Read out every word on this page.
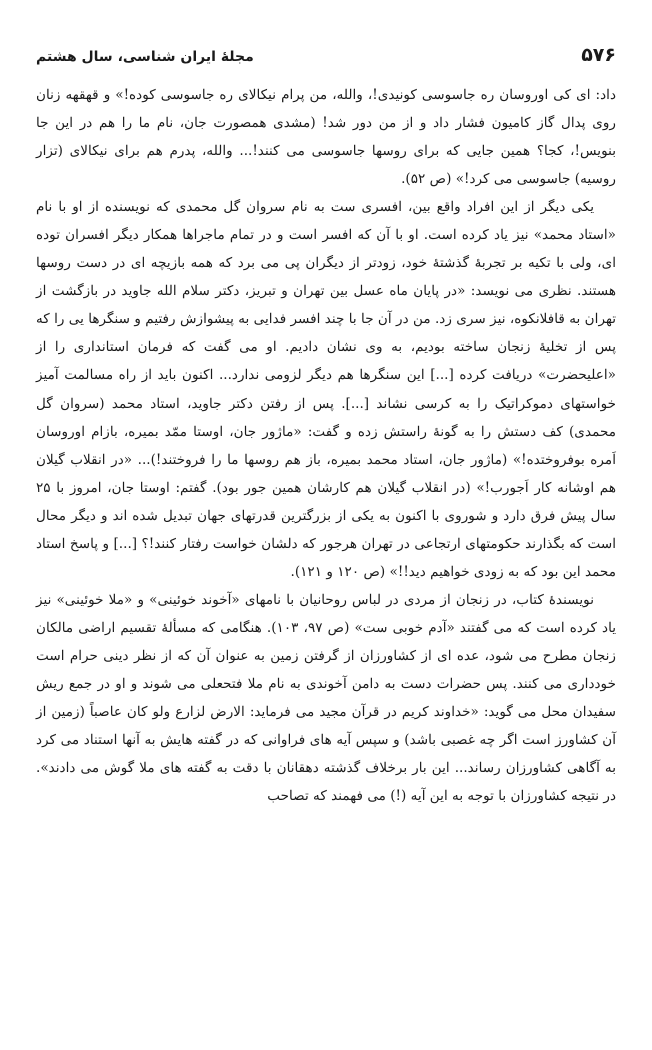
۵۷۶
مجلۀ ایران شناسی، سال هشتم

داد: ای کی اوروسان ره جاسوسی کونیدی!، والله، من پرام نیکالای ره جاسوسی کوده!» و قهقهه زنان روی پدال گاز کامیون فشار داد و از من دور شد! (مشدی همصورت جان، نام ما را هم در این جا بنویس!، کجا؟ همین جایی که برای روسها جاسوسی می کنند!... والله، پدرم هم برای نیکالای (تزار روسیه) جاسوسی می کرد!» (ص ۵۲).

یکی دیگر از این افراد واقع بین، افسری ست به نام سروان گل محمدی که نویسنده از او با نام «استاد محمد» نیز یاد کرده است. او با آن که افسر است و در تمام ماجراها همکار دیگر افسران توده ای، ولی با تکیه بر تجربۀ گذشتۀ خود، زودتر از دیگران پی می برد که همه بازیچه ای در دست روسها هستند. نظری می نویسد: «در پایان ماه عسل بین تهران و تبریز، دکتر سلام الله جاوید در بازگشت از تهران به قافلانکوه، نیز سری زد. من در آن جا با چند افسر فدایی به پیشوازش رفتیم و سنگرها یی را که پس از تخلیۀ زنجان ساخته بودیم، به وی نشان دادیم. او می گفت که فرمان استانداری را از «اعلیحضرت» دریافت کرده [...] این سنگرها هم دیگر لزومی ندارد... اکنون باید از راه مسالمت آمیز خواستهای دموکراتیک را به کرسی نشاند [...]. پس از رفتن دکتر جاوید، استاد محمد (سروان گل محمدی) کف دستش را به گونۀ راستش زده و گفت: «ماژور جان، اوستا ممّد بمیره، بازام اوروسان اَمره بوفروختده!» (ماژور جان، استاد محمد بمیره، باز هم روسها ما را فروختند!)... «در انقلاب گیلان هم اوشانه کار اَجورب!» (در انقلاب گیلان هم کارشان همین جور بود). گفتم: اوستا جان، امروز با ۲۵ سال پیش فرق دارد و شوروی با اکنون به یکی از بزرگترین قدرتهای جهان تبدیل شده اند و دیگر محال است که بگذارند حکومتهای ارتجاعی در تهران هرجور که دلشان خواست رفتار کنند!؟ [...] و پاسخ استاد محمد این بود که به زودی خواهیم دید!!» (ص ۱۲۰ و ۱۲۱).

نویسندۀ کتاب، در زنجان از مردی در لباس روحانیان با نامهای «آخوند خوئینی» و «ملا خوئینی» نیز یاد کرده است که می گفتند «آدم خوبی ست» (ص ۹۷، ۱۰۳). هنگامی که مسألۀ تقسیم اراضی مالکان زنجان مطرح می شود، عده ای از کشاورزان از گرفتن زمین به عنوان آن که از نظر دینی حرام است خودداری می کنند. پس حضرات دست به دامن آخوندی به نام ملا فتحعلی می شوند و او در جمع ریش سفیدان محل می گوید: «خداوند کریم در قرآن مجید می فرماید: الارض لزارع ولو کان عاصباً (زمین از آن کشاورز است اگر چه غصبی باشد) و سپس آیه های فراوانی که در گفته هایش به آنها استناد می کرد به آگاهی کشاورزان رساند... این بار برخلاف گذشته دهقانان با دقت به گفته های ملا گوش می دادند». در نتیجه کشاورزان با توجه به این آیه (!) می فهمند که تصاحب
